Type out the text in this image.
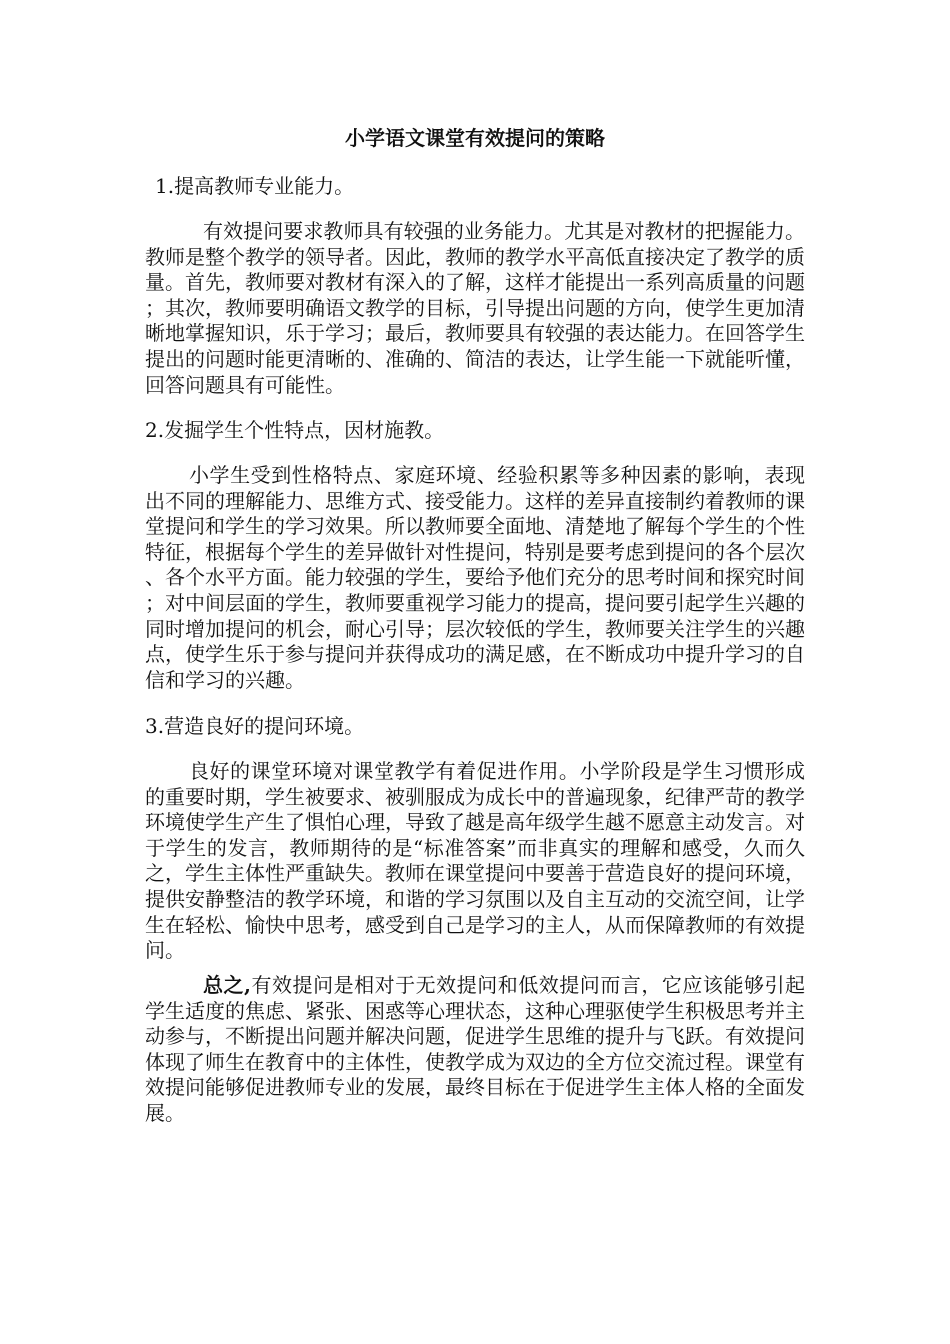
小学语文课堂有效提问的策略

1.提高教师专业能力。

有效提问要求教师具有较强的业务能力。尤其是对教材的把握能力。教师是整个教学的领导者。因此，教师的教学水平高低直接决定了教学的质量。首先，教师要对教材有深入的了解，这样才能提出一系列高质量的问题；其次，教师要明确语文教学的目标，引导提出问题的方向，使学生更加清晰地掌握知识，乐于学习；最后，教师要具有较强的表达能力。在回答学生提出的问题时能更清晰的、准确的、简洁的表达，让学生能一下就能听懂，回答问题具有可能性。

2.发掘学生个性特点，因材施教。

小学生受到性格特点、家庭环境、经验积累等多种因素的影响，表现出不同的理解能力、思维方式、接受能力。这样的差异直接制约着教师的课堂提问和学生的学习效果。所以教师要全面地、清楚地了解每个学生的个性特征，根据每个学生的差异做针对性提问，特别是要考虑到提问的各个层次、各个水平方面。能力较强的学生，要给予他们充分的思考时间和探究时间；对中间层面的学生，教师要重视学习能力的提高，提问要引起学生兴趣的同时增加提问的机会，耐心引导；层次较低的学生，教师要关注学生的兴趣点，使学生乐于参与提问并获得成功的满足感，在不断成功中提升学习的自信和学习的兴趣。

3.营造良好的提问环境。

良好的课堂环境对课堂教学有着促进作用。小学阶段是学生习惯形成的重要时期，学生被要求、被驯服成为成长中的普遍现象，纪律严苛的教学环境使学生产生了惧怕心理，导致了越是高年级学生越不愿意主动发言。对于学生的发言，教师期待的是“标准答案”而非真实的理解和感受，久而久之，学生主体性严重缺失。教师在课堂提问中要善于营造良好的提问环境，提供安静整洁的教学环境，和谐的学习氛围以及自主互动的交流空间，让学生在轻松、愉快中思考，感受到自己是学习的主人，从而保障教师的有效提问。

总之,有效提问是相对于无效提问和低效提问而言，它应该能够引起学生适度的焦虑、紧张、困惑等心理状态，这种心理驱使学生积极思考并主动参与，不断提出问题并解决问题，促进学生思维的提升与飞跃。有效提问体现了师生在教育中的主体性，使教学成为双边的全方位交流过程。课堂有效提问能够促进教师专业的发展，最终目标在于促进学生主体人格的全面发展。
